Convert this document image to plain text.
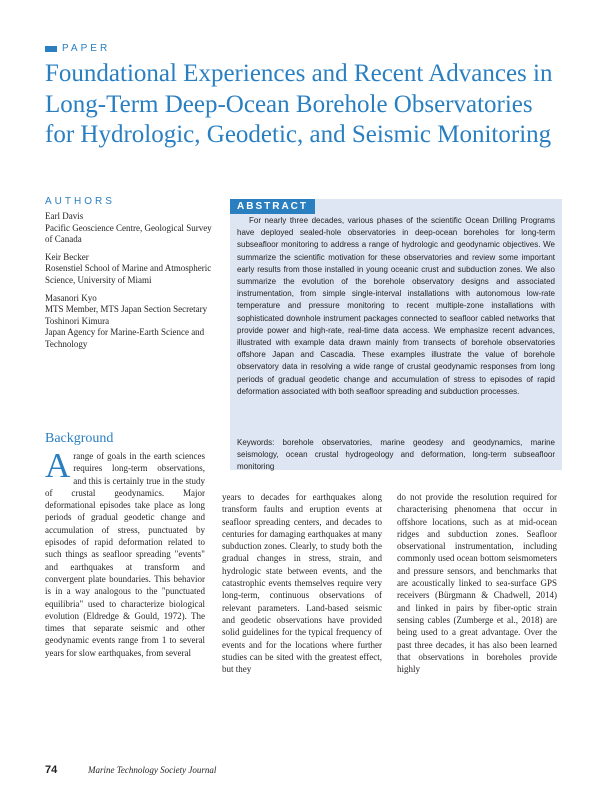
PAPER
Foundational Experiences and Recent Advances in Long-Term Deep-Ocean Borehole Observatories for Hydrologic, Geodetic, and Seismic Monitoring
AUTHORS
Earl Davis
Pacific Geoscience Centre, Geological Survey of Canada
Keir Becker
Rosenstiel School of Marine and Atmospheric Science, University of Miami
Masanori Kyo
MTS Member, MTS Japan Section Secretary
Toshinori Kimura
Japan Agency for Marine-Earth Science and Technology
ABSTRACT

For nearly three decades, various phases of the scientific Ocean Drilling Programs have deployed sealed-hole observatories in deep-ocean boreholes for long-term subseafloor monitoring to address a range of hydrologic and geodynamic objectives. We summarize the scientific motivation for these observatories and review some important early results from those installed in young oceanic crust and subduction zones. We also summarize the evolution of the borehole observatory designs and associated instrumentation, from simple single-interval installations with autonomous low-rate temperature and pressure monitoring to recent multiple-zone installations with sophisticated downhole instrument packages connected to seafloor cabled networks that provide power and high-rate, real-time data access. We emphasize recent advances, illustrated with example data drawn mainly from transects of borehole observatories offshore Japan and Cascadia. These examples illustrate the value of borehole observatory data in resolving a wide range of crustal geodynamic responses from long periods of gradual geodetic change and accumulation of stress to episodes of rapid deformation associated with both seafloor spreading and subduction processes.

Keywords: borehole observatories, marine geodesy and geodynamics, marine seismology, ocean crustal hydrogeology and deformation, long-term subseafloor monitoring

Background

Arange of goals in the earth sciences requires long-term observations, and this is certainly true in the study of crustal geodynamics. Major deformational episodes take place as long periods of gradual geodetic change and accumulation of stress, punctuated by episodes of rapid deformation related to such things as seafloor spreading "events" and earthquakes at transform and convergent plate boundaries. This behavior is in a way analogous to the "punctuated equilibria" used to characterize biological evolution (Eldredge & Gould, 1972). The times that separate seismic and other geodynamic events range from 1 to several years for slow earthquakes, from several

years to decades for earthquakes along transform faults and eruption events at seafloor spreading centers, and decades to centuries for damaging earthquakes at many subduction zones. Clearly, to study both the gradual changes in stress, strain, and hydrologic state between events, and the catastrophic events themselves require very long-term, continuous observations of relevant parameters. Land-based seismic and geodetic observations have provided solid guidelines for the typical frequency of events and for the locations where further studies can be sited with the greatest effect, but they

do not provide the resolution required for characterising phenomena that occur in offshore locations, such as at mid-ocean ridges and subduction zones. Seafloor observational instrumentation, including commonly used ocean bottom seismometers and pressure sensors, and benchmarks that are acoustically linked to sea-surface GPS receivers (Bürgmann & Chadwell, 2014) and linked in pairs by fiber-optic strain sensing cables (Zumberge et al., 2018) are being used to a great advantage. Over the past three decades, it has also been learned that observations in boreholes provide highly

74	Marine Technology Society Journal
